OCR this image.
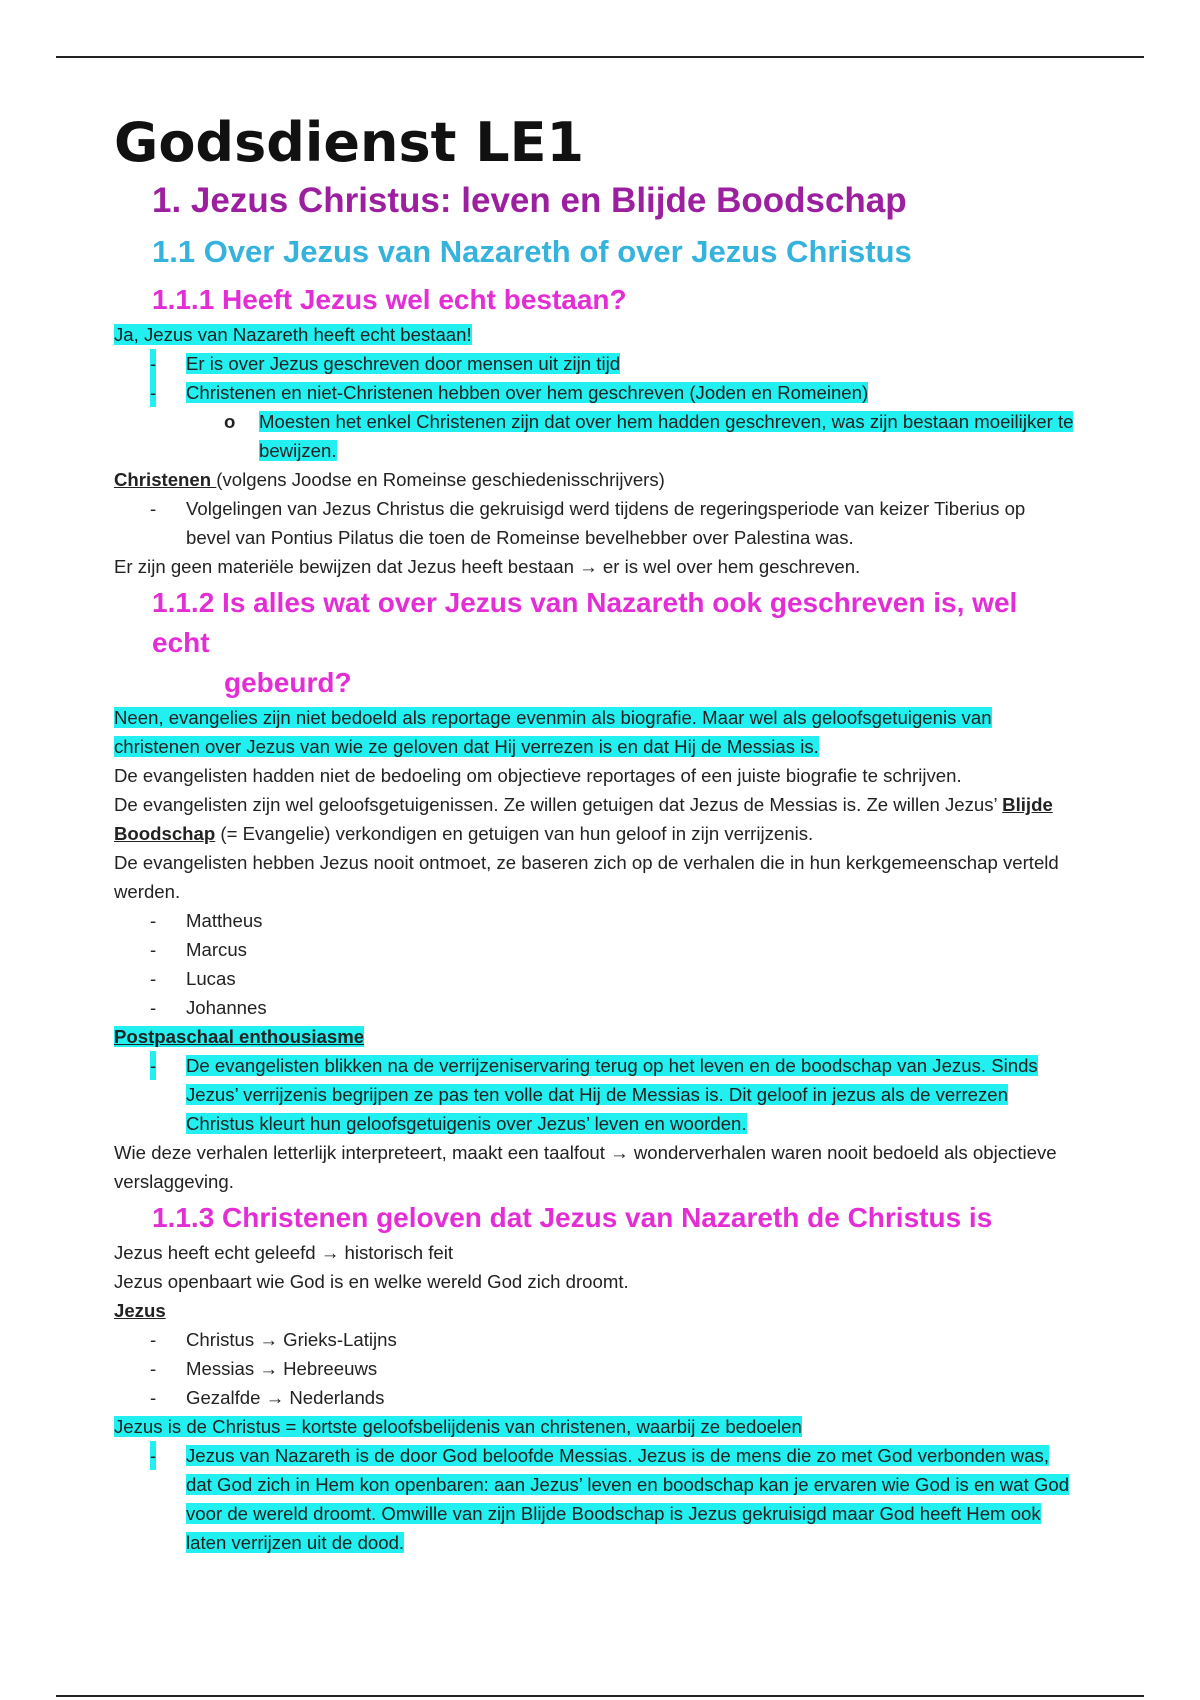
Godsdienst LE1
1. Jezus Christus: leven en Blijde Boodschap
1.1 Over Jezus van Nazareth of over Jezus Christus
1.1.1 Heeft Jezus wel echt bestaan?

Ja, Jezus van Nazareth heeft echt bestaan!

- Er is over Jezus geschreven door mensen uit zijn tijd
- Christenen en niet-Christenen hebben over hem geschreven (Joden en Romeinen)
o Moesten het enkel Christenen zijn dat over hem hadden geschreven, was zijn bestaan moeilijker te bewijzen.

Christenen (volgens Joodse en Romeinse geschiedenisschrijvers)

- Volgelingen van Jezus Christus die gekruisigd werd tijdens de regeringsperiode van keizer Tiberius op bevel van Pontius Pilatus die toen de Romeinse bevelhebber over Palestina was.

Er zijn geen materiële bewijzen dat Jezus heeft bestaan → er is wel over hem geschreven.

1.1.2 Is alles wat over Jezus van Nazareth ook geschreven is, wel echt
gebeurd?

Neen, evangelies zijn niet bedoeld als reportage evenmin als biografie. Maar wel als geloofsgetuigenis van christenen over Jezus van wie ze geloven dat Hij verrezen is en dat Hij de Messias is.

De evangelisten hadden niet de bedoeling om objectieve reportages of een juiste biografie te schrijven.

De evangelisten zijn wel geloofsgetuigenissen. Ze willen getuigen dat Jezus de Messias is. Ze willen Jezus’ Blijde Boodschap (= Evangelie) verkondigen en getuigen van hun geloof in zijn verrijzenis.

De evangelisten hebben Jezus nooit ontmoet, ze baseren zich op de verhalen die in hun kerkgemeenschap verteld werden.

- Mattheus
- Marcus
- Lucas
- Johannes

Postpaschaal enthousiasme

- De evangelisten blikken na de verrijzeniservaring terug op het leven en de boodschap van Jezus. Sinds Jezus’ verrijzenis begrijpen ze pas ten volle dat Hij de Messias is. Dit geloof in jezus als de verrezen Christus kleurt hun geloofsgetuigenis over Jezus’ leven en woorden.

Wie deze verhalen letterlijk interpreteert, maakt een taalfout → wonderverhalen waren nooit bedoeld als objectieve verslaggeving.

1.1.3 Christenen geloven dat Jezus van Nazareth de Christus is

Jezus heeft echt geleefd → historisch feit

Jezus openbaart wie God is en welke wereld God zich droomt.

Jezus

- Christus → Grieks-Latijns
- Messias → Hebreeuws
- Gezalfde → Nederlands

Jezus is de Christus = kortste geloofsbelijdenis van christenen, waarbij ze bedoelen

- Jezus van Nazareth is de door God beloofde Messias. Jezus is de mens die zo met God verbonden was, dat God zich in Hem kon openbaren: aan Jezus’ leven en boodschap kan je ervaren wie God is en wat God voor de wereld droomt. Omwille van zijn Blijde Boodschap is Jezus gekruisigd maar God heeft Hem ook laten verrijzen uit de dood.
